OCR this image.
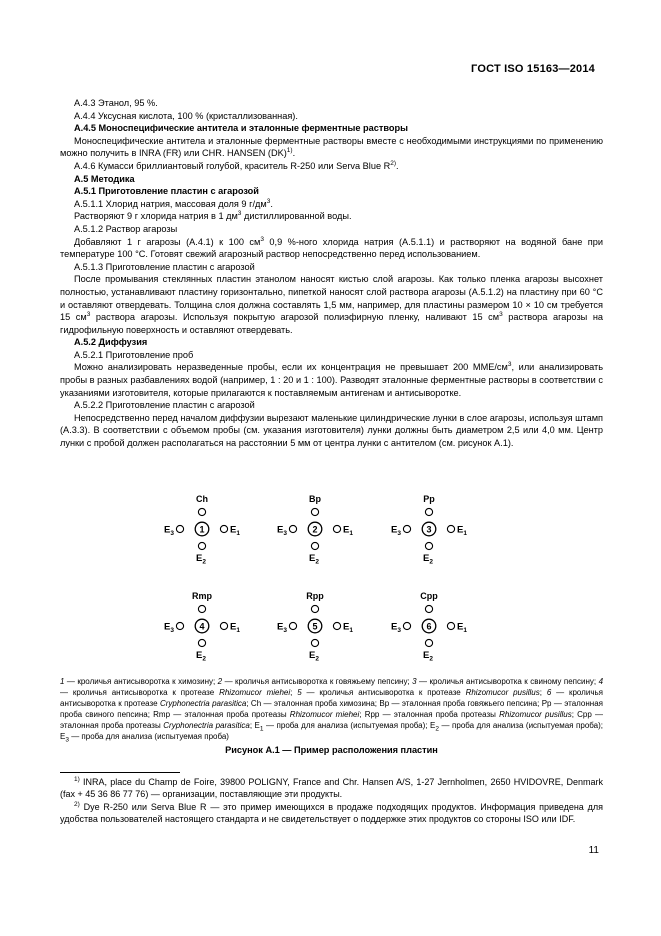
ГОСТ ISO 15163—2014

А.4.3 Этанол, 95 %.

А.4.4 Уксусная кислота, 100 % (кристаллизованная).

А.4.5 Моноспецифические антитела и эталонные ферментные растворы

Моноспецифические антитела и эталонные ферментные растворы вместе с необходимыми инструкциями по применению можно получить в INRA (FR) или CHR. HANSEN (DK)$^{1)}$.

А.4.6 Кумасси бриллиантовый голубой, краситель R-250 или Serva Blue $R^{2)}$.

А.5 Методика

А.5.1 Приготовление пластин с агарозой

А.5.1.1 Хлорид натрия, массовая доля 9 $г/дм^3$.

Растворяют 9 г хлорида натрия в 1 $дм^3$ дистиллированной воды.

А.5.1.2 Раствор агарозы

Добавляют 1 г агарозы (А.4.1) к 100 $см^3$ 0,9 %-ного хлорида натрия (А.5.1.1) и растворяют на водяной бане при температуре 100 °С. Готовят свежий агарозный раствор непосредственно перед использованием.

А.5.1.3 Приготовление пластин с агарозой

После промывания стеклянных пластин этанолом наносят кистью слой агарозы. Как только пленка агарозы высохнет полностью, устанавливают пластину горизонтально, пипеткой наносят слой раствора агарозы (А.5.1.2) на пластину при 60 °С и оставляют отвердевать. Толщина слоя должна составлять 1,5 мм, например, для пластины размером 10 × 10 см требуется 15 $см^3$ раствора агарозы. Используя покрытую агарозой полиэфирную пленку, наливают 15 $см^3$ раствора агарозы на гидрофильную поверхность и оставляют отвердевать.

А.5.2 Диффузия

А.5.2.1 Приготовление проб

Можно анализировать неразведенные пробы, если их концентрация не превышает 200 ММЕ/$см^3$, или анализировать пробы в разных разбавлениях водой (например, 1 : 20 и 1 : 100). Разводят эталонные ферментные растворы в соответствии с указаниями изготовителя, которые прилагаются к поставляемым антигенам и антисывороткe.

А.5.2.2 Приготовление пластин с агарозой

Непосредственно перед началом диффузии вырезают маленькие цилиндрические лунки в слое агарозы, используя штамп (А.3.3). В соответствии с объемом пробы (см. указания изготовителя) лунки должны быть диаметром 2,5 или 4,0 мм. Центр лунки с пробой должен располагаться на расстоянии 5 мм от центра лунки с антителом (см. рисунок А.1).

Ch
1
$E_3$	$E_1$
$E_2$
Bp
2
$E_3$	$E_1$
$E_2$
Pp
3
$E_3$	$E_1$
$E_2$
Rmp
4
$E_3$	$E_1$
$E_2$
Rpp
5
$E_3$	$E_1$
$E_2$
Cpp
6
$E_3$	$E_1$
$E_2$
1 — кроличья антисыворотка к химозину; 2 — кроличья антисыворотка к говяжьему пепсину; 3 — кроличья антисыворотка к свиному пепсину; 4 — кроличья антисыворотка к протеазе Rhizomucor miehei; 5 — кроличья антисыворотка к протеазе Rhizomucor pusillus; 6 — кроличья антисыворотка к протеазе Cryphonectria parasitica; Ch — эталонная проба химозина; Bp — эталонная проба говяжьего пепсина; Pp — эталонная проба свиного пепсина; Rmp — эталонная проба протеазы Rhizomucor miehei; Rpp — эталонная проба протеазы Rhizomucor pusillus; Cpp — эталонная проба протеазы Cryphonectria parasitica; $E_1$ — проба для анализа (испытуемая проба); $E_2$ — проба для анализа (испытуемая проба); $E_3$ — проба для анализа (испытуемая проба)
Рисунок А.1 — Пример расположения пластин

$^{1)}$ INRA, place du Champ de Foire, 39800 POLIGNY, France and Chr. Hansen A/S, 1-27 Jernholmen, 2650 HVIDOVRE, Denmark (fax + 45 36 86 77 76) — организации, поставляющие эти продукты.

$^{2)}$ Dye R-250 или Serva Blue R — это пример имеющихся в продаже подходящих продуктов. Информация приведена для удобства пользователей настоящего стандарта и не свидетельствует о поддержке этих продуктов со стороны ISO или IDF.

11
